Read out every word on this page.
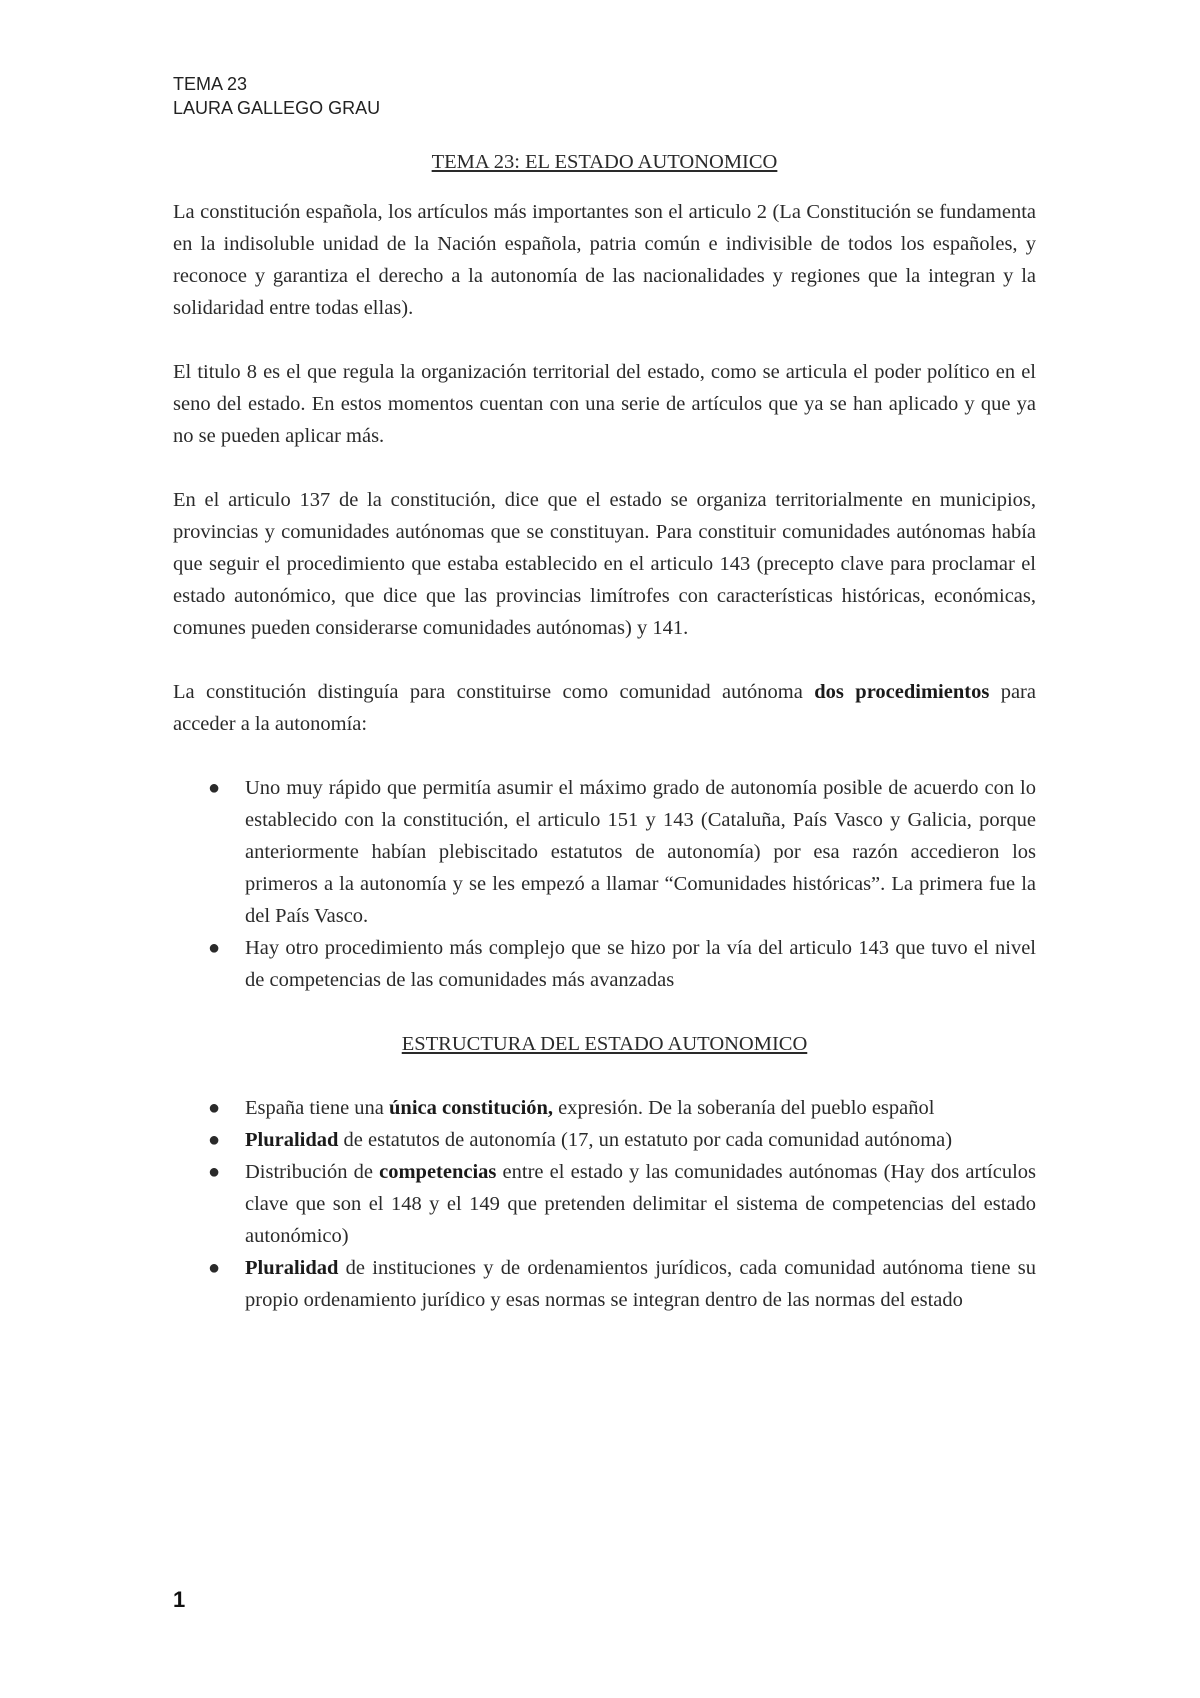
TEMA 23
LAURA GALLEGO GRAU
TEMA 23: EL ESTADO AUTONOMICO

La constitución española, los artículos más importantes son el articulo 2 (La Constitución se fundamenta en la indisoluble unidad de la Nación española, patria común e indivisible de todos los españoles, y reconoce y garantiza el derecho a la autonomía de las nacionalidades y regiones que la integran y la solidaridad entre todas ellas).

El titulo 8 es el que regula la organización territorial del estado, como se articula el poder político en el seno del estado. En estos momentos cuentan con una serie de artículos que ya se han aplicado y que ya no se pueden aplicar más.

En el articulo 137 de la constitución, dice que el estado se organiza territorialmente en municipios, provincias y comunidades autónomas que se constituyan. Para constituir comunidades autónomas había que seguir el procedimiento que estaba establecido en el articulo 143 (precepto clave para proclamar el estado autonómico, que dice que las provincias limítrofes con características históricas, económicas, comunes pueden considerarse comunidades autónomas) y 141.

La constitución distinguía para constituirse como comunidad autónoma dos procedimientos para acceder a la autonomía:

● Uno muy rápido que permitía asumir el máximo grado de autonomía posible de acuerdo con lo establecido con la constitución, el articulo 151 y 143 (Cataluña, País Vasco y Galicia, porque anteriormente habían plebiscitado estatutos de autonomía) por esa razón accedieron los primeros a la autonomía y se les empezó a llamar “Comunidades históricas”. La primera fue la del País Vasco.
● Hay otro procedimiento más complejo que se hizo por la vía del articulo 143 que tuvo el nivel de competencias de las comunidades más avanzadas
ESTRUCTURA DEL ESTADO AUTONOMICO
● España tiene una única constitución, expresión. De la soberanía del pueblo español
● Pluralidad de estatutos de autonomía (17, un estatuto por cada comunidad autónoma)
● Distribución de competencias entre el estado y las comunidades autónomas (Hay dos artículos clave que son el 148 y el 149 que pretenden delimitar el sistema de competencias del estado autonómico)
● Pluralidad de instituciones y de ordenamientos jurídicos, cada comunidad autónoma tiene su propio ordenamiento jurídico y esas normas se integran dentro de las normas del estado
1
